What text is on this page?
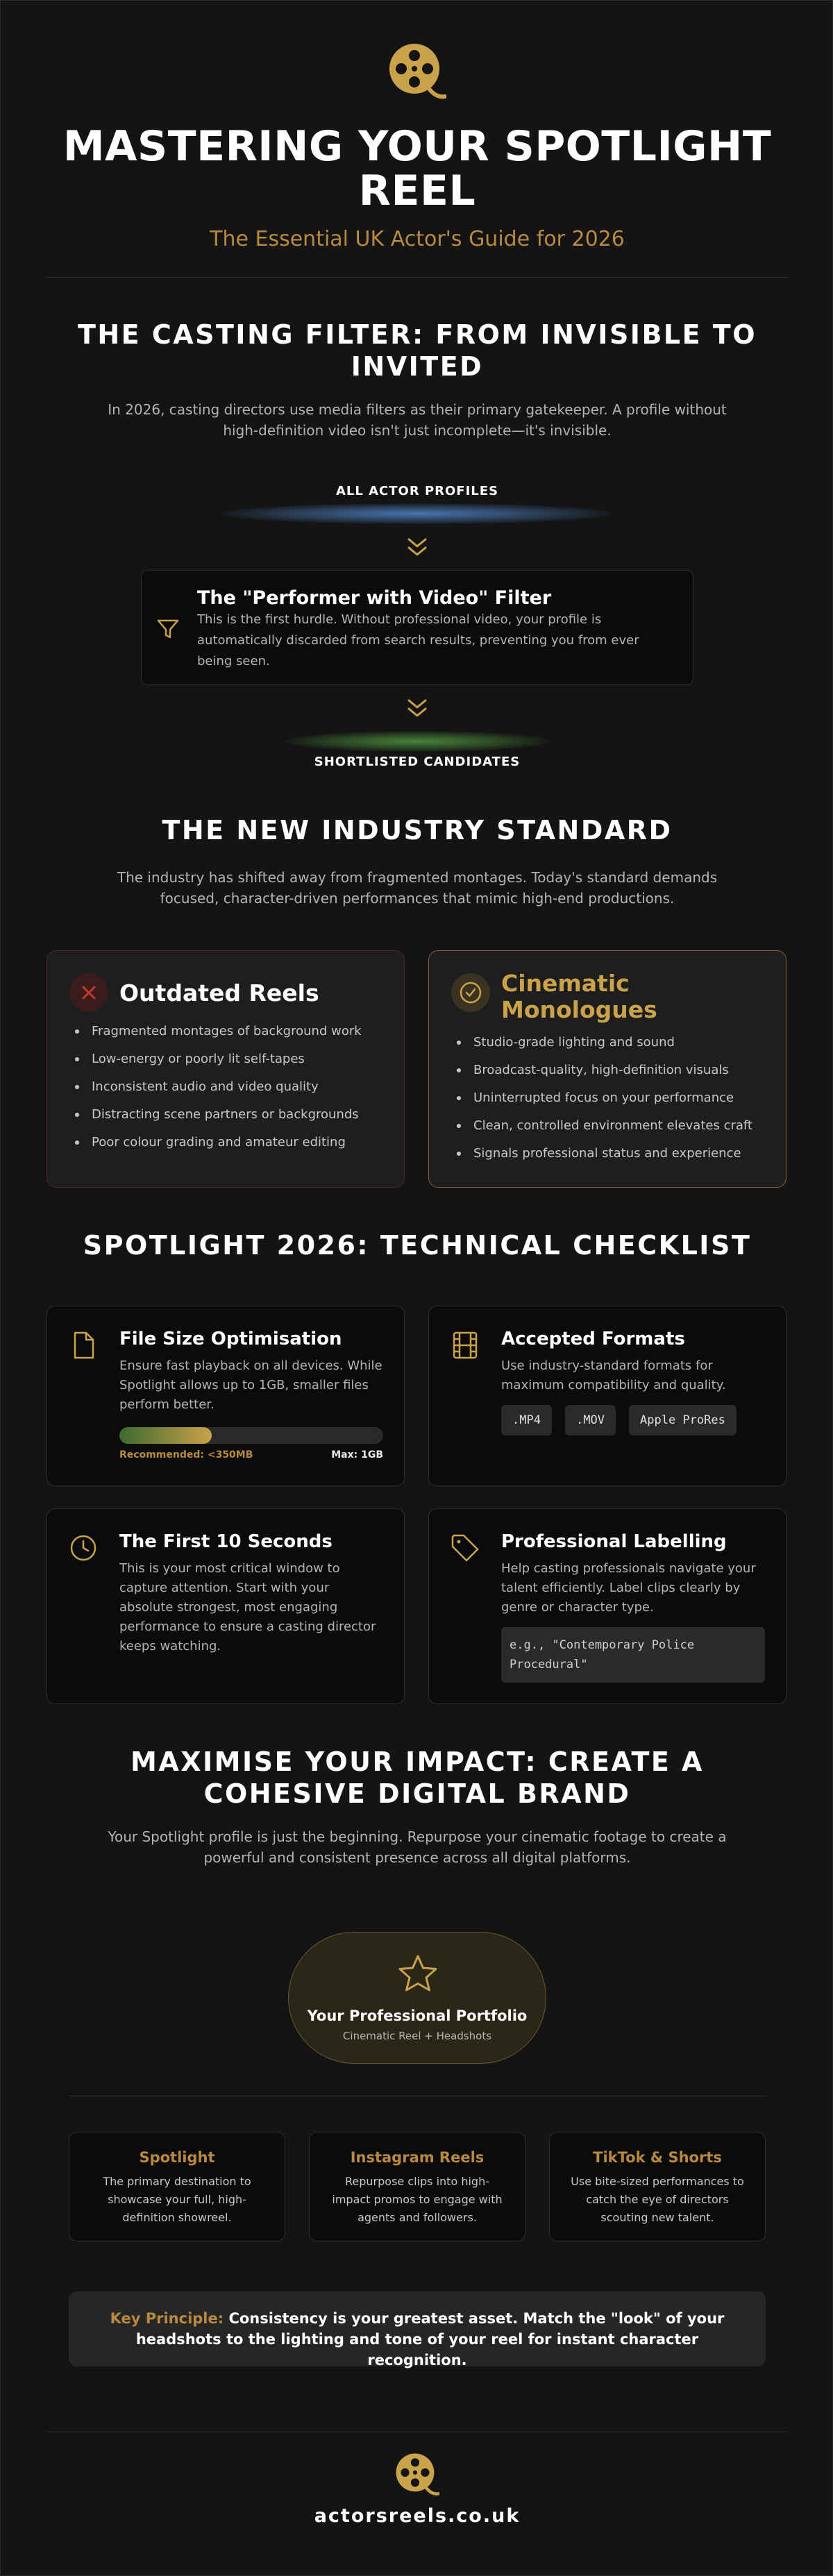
MASTERING YOUR SPOTLIGHT REEL
The Essential UK Actor's Guide for 2026
THE CASTING FILTER: FROM INVISIBLE TO INVITED
In 2026, casting directors use media filters as their primary gatekeeper. A profile without high-definition video isn't just incomplete—it's invisible.
ALL ACTOR PROFILES
The "Performer with Video" Filter
This is the first hurdle. Without professional video, your profile is automatically discarded from search results, preventing you from ever being seen.
SHORTLISTED CANDIDATES
THE NEW INDUSTRY STANDARD
The industry has shifted away from fragmented montages. Today's standard demands focused, character-driven performances that mimic high-end productions.
Outdated Reels
Fragmented montages of background work
Low-energy or poorly lit self-tapes
Inconsistent audio and video quality
Distracting scene partners or backgrounds
Poor colour grading and amateur editing
Cinematic
Monologues
Studio-grade lighting and sound
Broadcast-quality, high-definition visuals
Uninterrupted focus on your performance
Clean, controlled environment elevates craft
Signals professional status and experience
SPOTLIGHT 2026: TECHNICAL CHECKLIST
File Size Optimisation
Ensure fast playback on all devices. While Spotlight allows up to 1GB, smaller files perform better.
Recommended: <350MB	Max: 1GB
Accepted Formats
Use industry-standard formats for maximum compatibility and quality.
.MP4	.MOV	Apple ProRes
The First 10 Seconds
This is your most critical window to capture attention. Start with your absolute strongest, most engaging performance to ensure a casting director keeps watching.
Professional Labelling
Help casting professionals navigate your talent efficiently. Label clips clearly by genre or character type.
e.g., "Contemporary Police Procedural"
MAXIMISE YOUR IMPACT: CREATE A COHESIVE DIGITAL BRAND
Your Spotlight profile is just the beginning. Repurpose your cinematic footage to create a powerful and consistent presence across all digital platforms.
Your Professional Portfolio
Cinematic Reel + Headshots
Spotlight
The primary destination to showcase your full, high-definition showreel.
Instagram Reels
Repurpose clips into high-impact promos to engage with agents and followers.
TikTok & Shorts
Use bite-sized performances to catch the eye of directors scouting new talent.
Key Principle: Consistency is your greatest asset. Match the "look" of your headshots to the lighting and tone of your reel for instant character recognition.
actorsreels.co.uk
